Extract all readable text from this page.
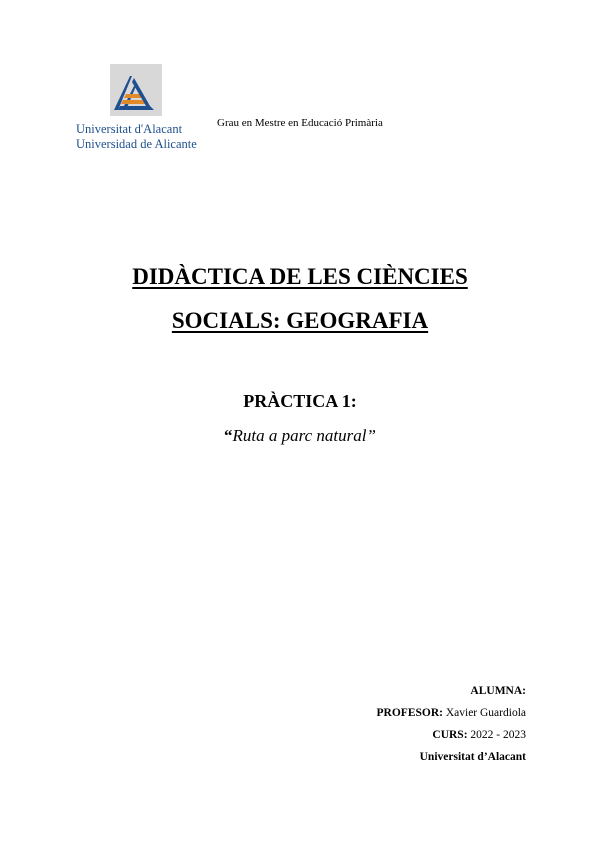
Universitat d'Alacant
Universidad de Alicante
Grau en Mestre en Educació Primària
DIDÀCTICA DE LES CIÈNCIES
SOCIALS: GEOGRAFIA
PRÀCTICA 1:
“Ruta a parc natural”
ALUMNA:
PROFESOR: Xavier Guardiola
CURS: 2022 - 2023
Universitat d’Alacant
